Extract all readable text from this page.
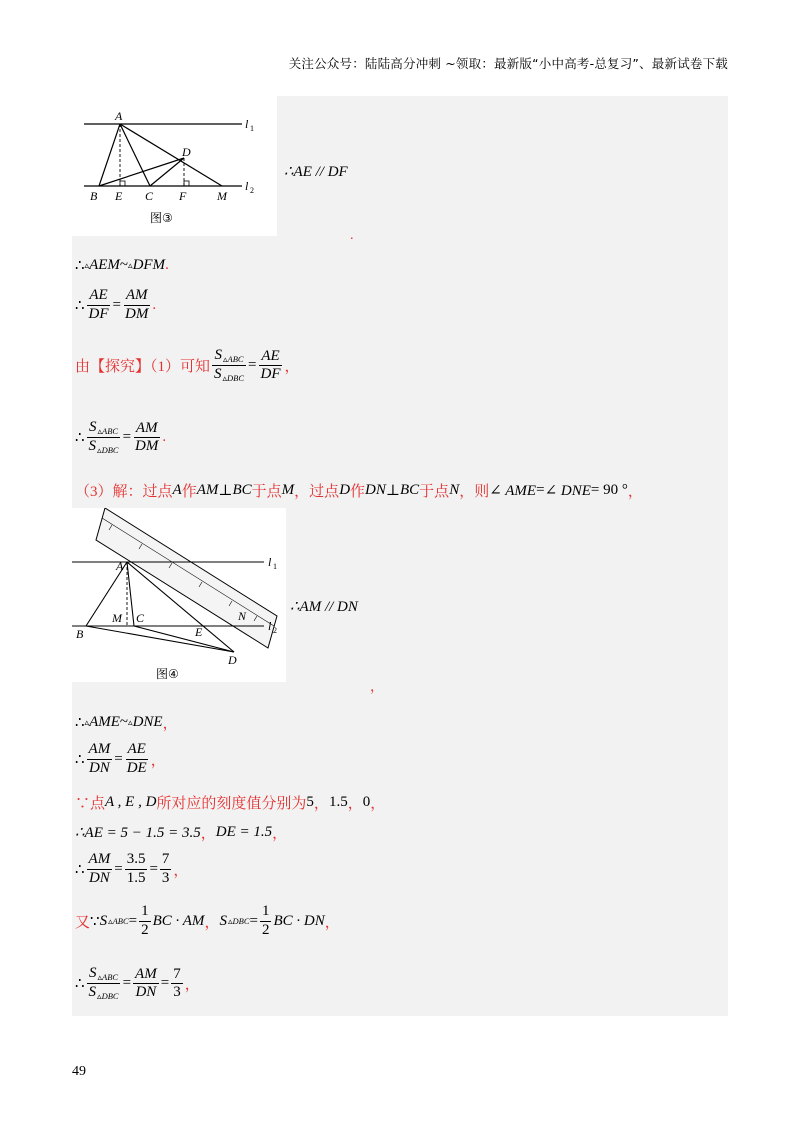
关注公众号：陆陆高分冲刺 ~领取：最新版“小中高考-总复习”、最新试卷下载
A
D
B E C F	M
l 1
l 2
图③
∴AE // DF
.
∴ ▵ AEM ~ ▵ DFM .
∴ $\frac{AE}{DF} = \frac{AM}{DM}$ .
由【探究】（1）可知 $\frac{S_{▵ABC}}{S_{▵DBC}} = \frac{AE}{DF}$ ，
∴ $\frac{S_{▵ABC}}{S_{▵DBC}} = \frac{AM}{DM}$ .
（3）解：过点 A 作 AM ⊥ BC 于点 M ，过点 D 作 DN ⊥ BC 于点 N ，则 ∠ AME = ∠ DNE = 90 ° ，
A
M C
B	E
N
D
l 1
l 2
图④
∴AM // DN
，
∴ ▵ AME ~ ▵ DNE ，
∴ $\frac{AM}{DN} = \frac{AE}{DE}$ ，
∵点 A , E , D 所对应的刻度值分别为 5 ， 1.5 ， 0 ，
∴AE = 5 − 1.5 = 3.5 ， DE = 1.5 ，
∴ $\frac{AM}{DN} = \frac{3.5}{1.5} = \frac{7}{3}$ ，
又 ∵ S ▵ABC = $\frac{1}{2}$ BC · AM ， S ▵DBC = $\frac{1}{2}$ BC · DN ，
∴ $\frac{S_{▵ABC}}{S_{▵DBC}} = \frac{AM}{DN} = \frac{7}{3}$ ，
49
